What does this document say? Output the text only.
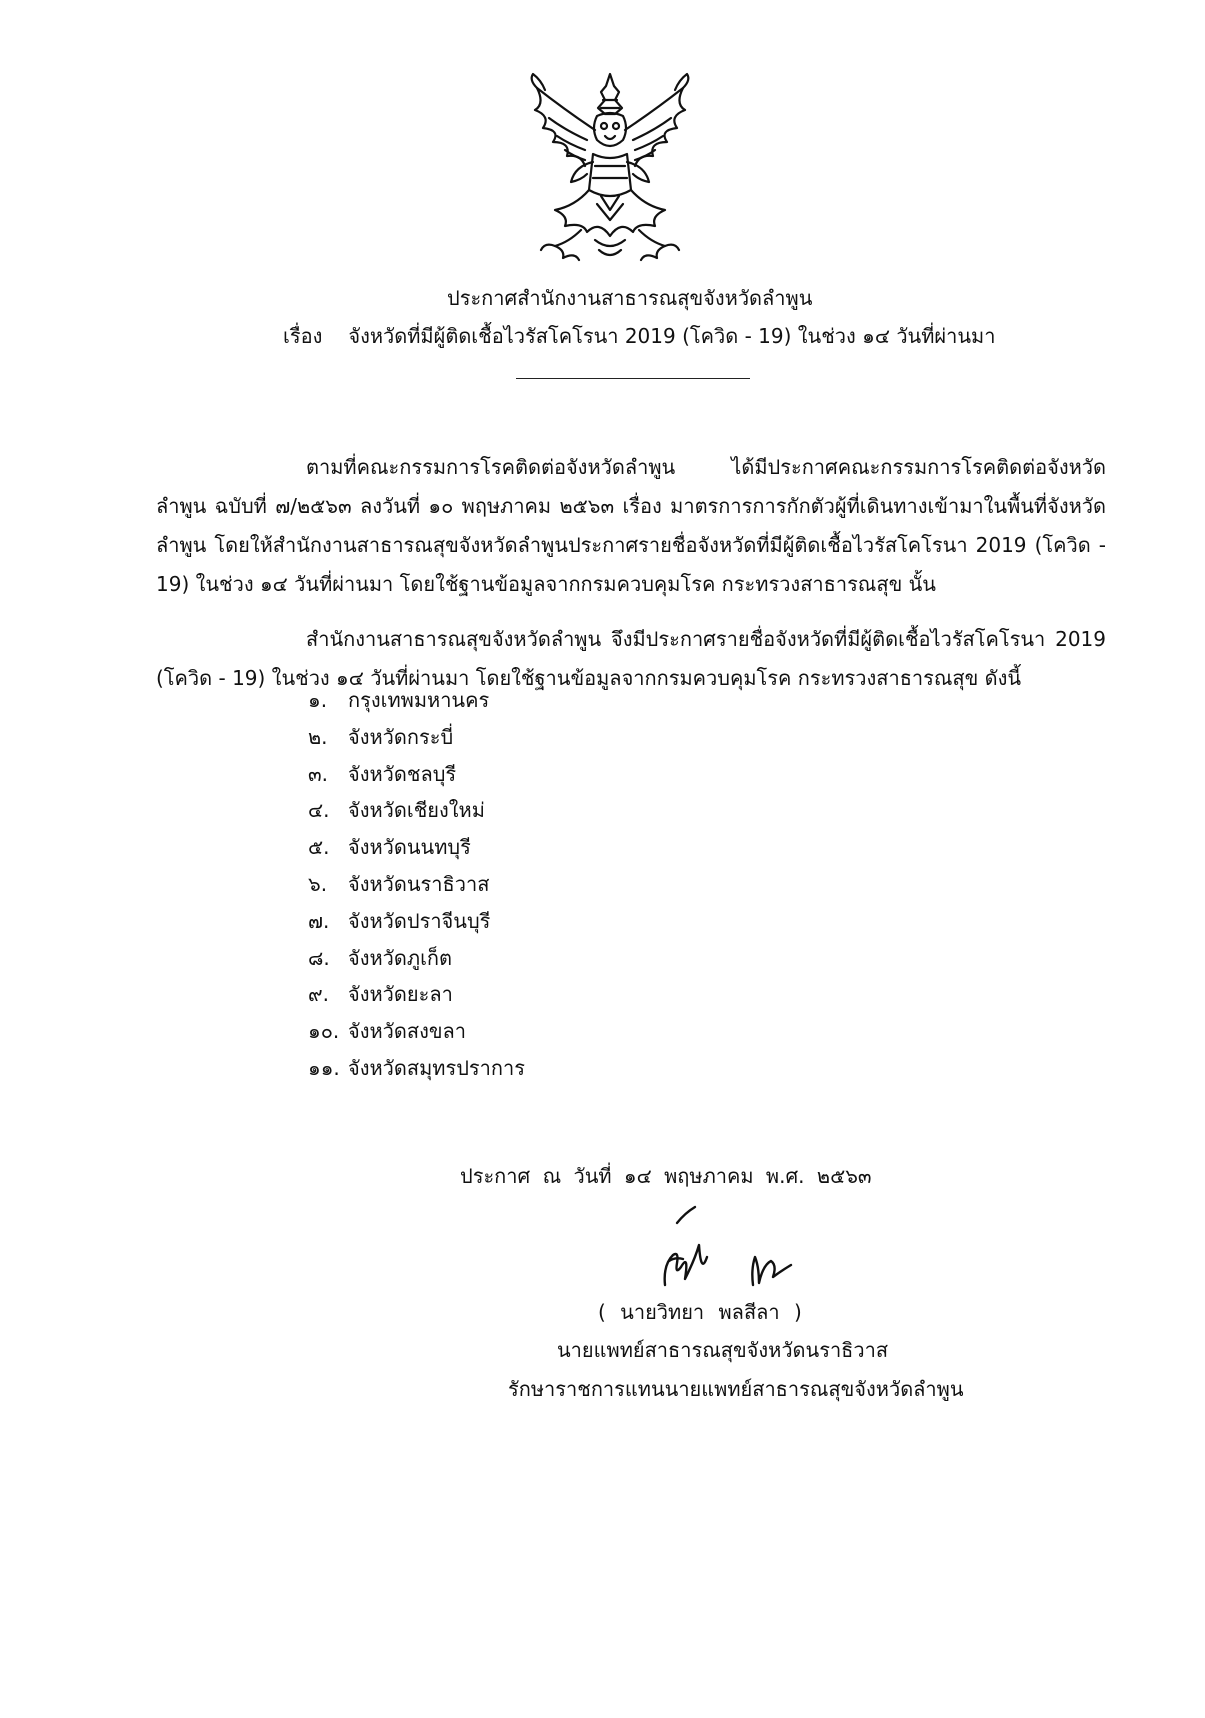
ประกาศสำนักงานสาธารณสุขจังหวัดลำพูน
เรื่อง จังหวัดที่มีผู้ติดเชื้อไวรัสโคโรนา 2019 (โควิด - 19) ในช่วง ๑๔ วันที่ผ่านมา

ตามที่คณะกรรมการโรคติดต่อจังหวัดลำพูน ได้มีประกาศคณะกรรมการโรคติดต่อจังหวัดลำพูน ฉบับที่ ๗/๒๕๖๓ ลงวันที่ ๑๐ พฤษภาคม ๒๕๖๓ เรื่อง มาตรการการกักตัวผู้ที่เดินทางเข้ามาในพื้นที่จังหวัดลำพูน โดยให้สำนักงานสาธารณสุขจังหวัดลำพูนประกาศรายชื่อจังหวัดที่มีผู้ติดเชื้อไวรัสโคโรนา 2019 (โควิด - 19) ในช่วง ๑๔ วันที่ผ่านมา โดยใช้ฐานข้อมูลจากกรมควบคุมโรค กระทรวงสาธารณสุข นั้น

สำนักงานสาธารณสุขจังหวัดลำพูน จึงมีประกาศรายชื่อจังหวัดที่มีผู้ติดเชื้อไวรัสโคโรนา 2019 (โควิด - 19) ในช่วง ๑๔ วันที่ผ่านมา โดยใช้ฐานข้อมูลจากกรมควบคุมโรค กระทรวงสาธารณสุข ดังนี้

๑. กรุงเทพมหานคร
๒. จังหวัดกระบี่
๓. จังหวัดชลบุรี
๔. จังหวัดเชียงใหม่
๕. จังหวัดนนทบุรี
๖. จังหวัดนราธิวาส
๗. จังหวัดปราจีนบุรี
๘. จังหวัดภูเก็ต
๙. จังหวัดยะลา
๑๐. จังหวัดสงขลา
๑๑. จังหวัดสมุทรปราการ
ประกาศ ณ วันที่ ๑๔ พฤษภาคม พ.ศ. ๒๕๖๓
( นายวิทยา พลสีลา )
นายแพทย์สาธารณสุขจังหวัดนราธิวาส
รักษาราชการแทนนายแพทย์สาธารณสุขจังหวัดลำพูน
